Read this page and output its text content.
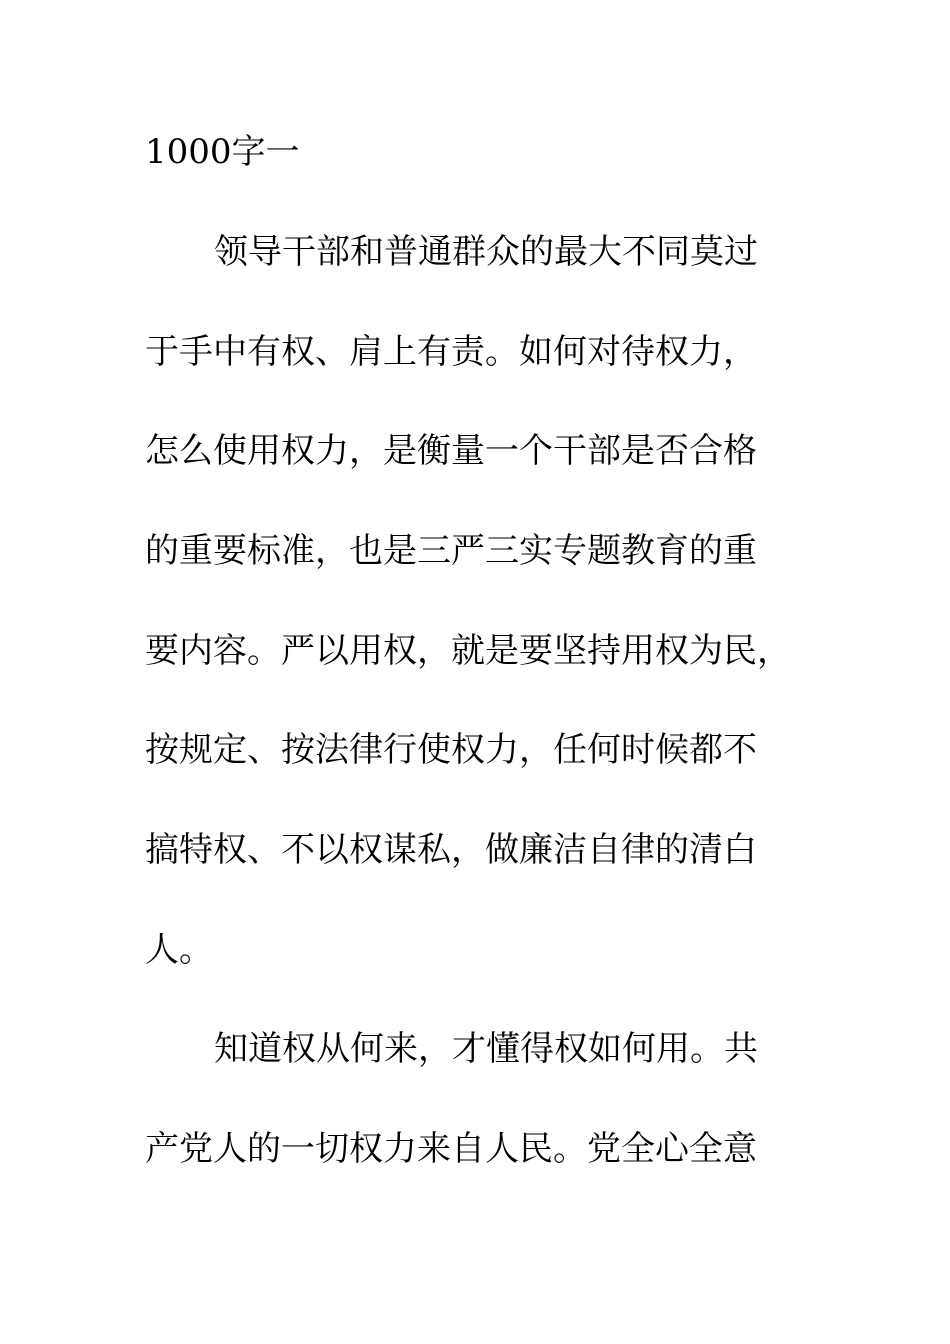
1000字一
领导干部和普通群众的最大不同莫过
于手中有权、肩上有责。如何对待权力，
怎么使用权力，是衡量一个干部是否合格
的重要标准，也是三严三实专题教育的重
要内容。严以用权，就是要坚持用权为民，
按规定、按法律行使权力，任何时候都不
搞特权、不以权谋私，做廉洁自律的清白
人。
知道权从何来，才懂得权如何用。共
产党人的一切权力来自人民。党全心全意
